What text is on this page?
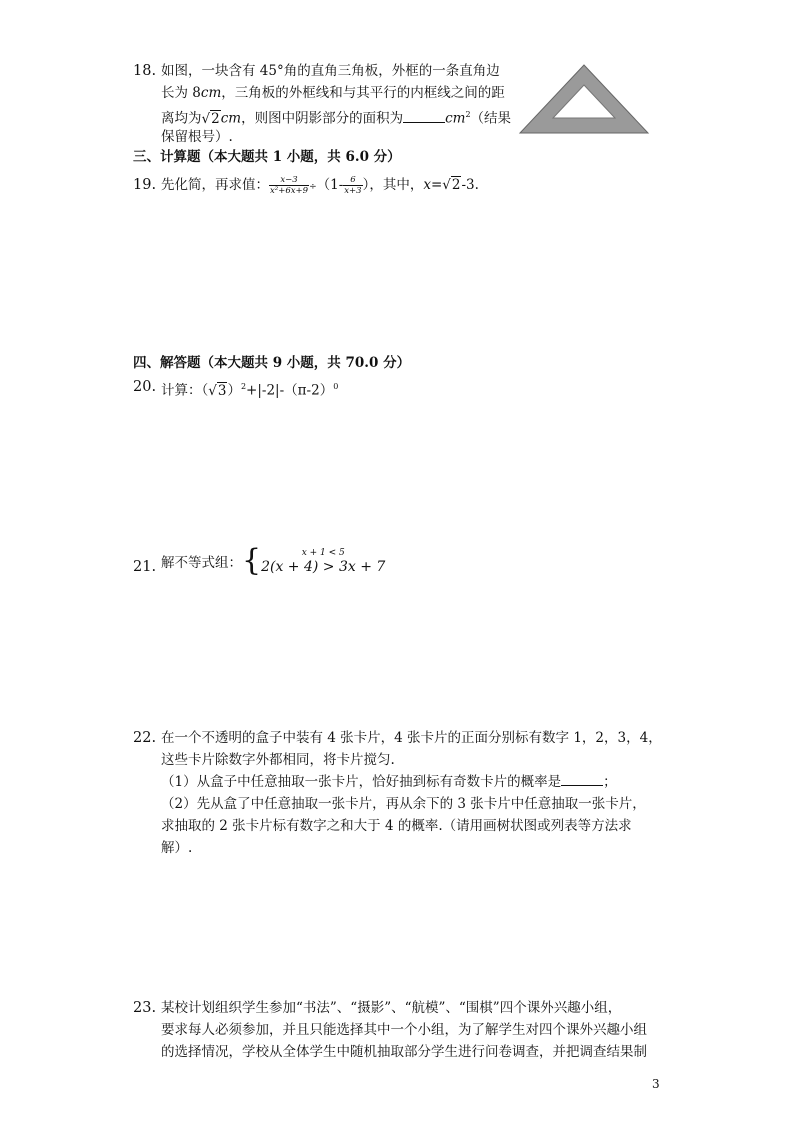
18. 如图，一块含有 45°角的直角三角板，外框的一条直角边
长为 8cm，三角板的外框线和与其平行的内框线之间的距
离均为√2cm，则图中阴影部分的面积为	$cm^2$（结果
保留根号）.
三、计算题（本大题共 1 小题，共 6.0 分）
19. 先化简，再求值： $\frac{x-3}{\text{x²+6x+9}} \div(1- \frac{6}{x+3}$ ），其中，x=√2-3.
四、解答题（本大题共 9 小题，共 70.0 分）
20. 计算：$(√3)^2+|-2|-(\pi-2)^0$
21. 解不等式组：{	x + 1 < 5
2(x + 4) > 3x + 7
22. 在一个不透明的盒子中装有 4 张卡片，4 张卡片的正面分别标有数字 1，2，3，4，
这些卡片除数字外都相同，将卡片搅匀.
（1）从盒子中任意抽取一张卡片，恰好抽到标有奇数卡片的概率是	；
（2）先从盒了中任意抽取一张卡片，再从余下的 3 张卡片中任意抽取一张卡片，
求抽取的 2 张卡片标有数字之和大于 4 的概率.（请用画树状图或列表等方法求
解）.
23. 某校计划组织学生参加“书法”、“摄影”、“航模”、“围棋”四个课外兴趣小组，
要求每人必须参加，并且只能选择其中一个小组，为了解学生对四个课外兴趣小组
的选择情况，学校从全体学生中随机抽取部分学生进行问卷调查，并把调查结果制
3
